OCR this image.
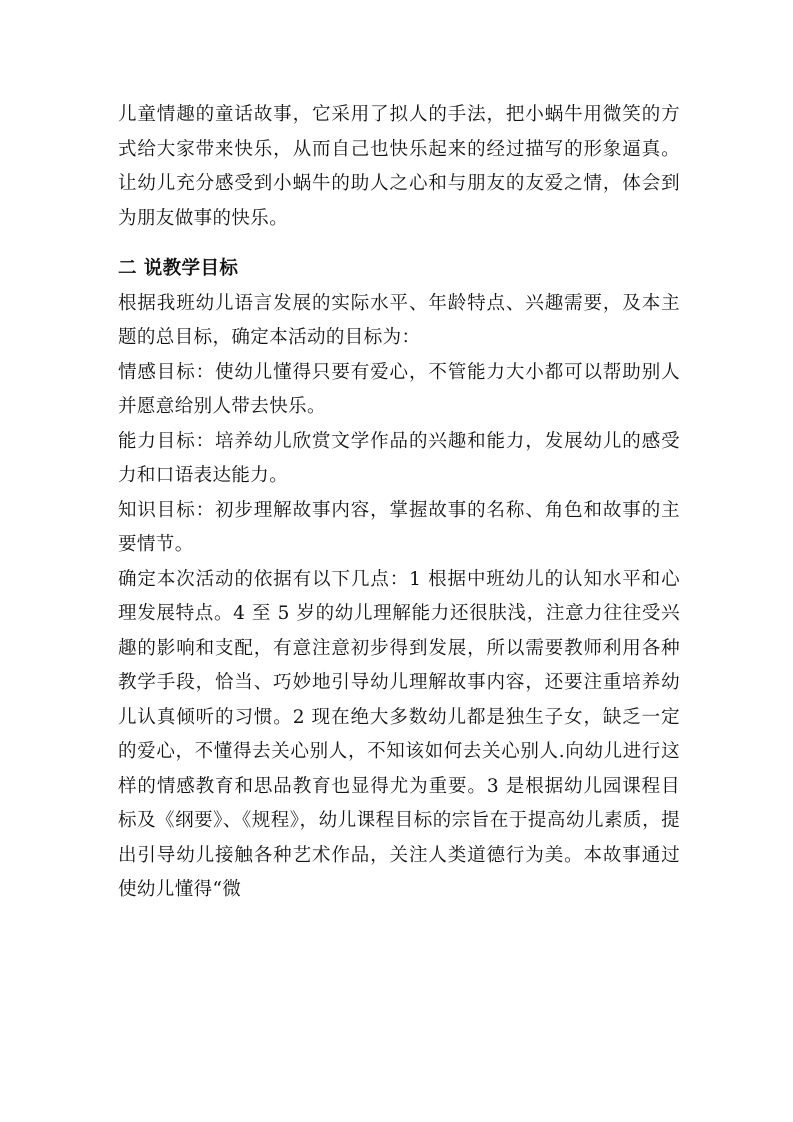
儿童情趣的童话故事，它采用了拟人的手法，把小蜗牛用微笑的方式给大家带来快乐，从而自己也快乐起来的经过描写的形象逼真。让幼儿充分感受到小蜗牛的助人之心和与朋友的友爱之情，体会到为朋友做事的快乐。

二 说教学目标

根据我班幼儿语言发展的实际水平、年龄特点、兴趣需要，及本主题的总目标，确定本活动的目标为：

情感目标：使幼儿懂得只要有爱心，不管能力大小都可以帮助别人并愿意给别人带去快乐。

能力目标：培养幼儿欣赏文学作品的兴趣和能力，发展幼儿的感受力和口语表达能力。

知识目标：初步理解故事内容，掌握故事的名称、角色和故事的主要情节。

确定本次活动的依据有以下几点：1 根据中班幼儿的认知水平和心理发展特点。4 至 5 岁的幼儿理解能力还很肤浅，注意力往往受兴趣的影响和支配，有意注意初步得到发展，所以需要教师利用各种教学手段，恰当、巧妙地引导幼儿理解故事内容，还要注重培养幼儿认真倾听的习惯。2 现在绝大多数幼儿都是独生子女，缺乏一定的爱心，不懂得去关心别人，不知该如何去关心别人.向幼儿进行这样的情感教育和思品教育也显得尤为重要。3 是根据幼儿园课程目标及《纲要》、《规程》，幼儿课程目标的宗旨在于提高幼儿素质，提出引导幼儿接触各种艺术作品，关注人类道德行为美。本故事通过使幼儿懂得“微
